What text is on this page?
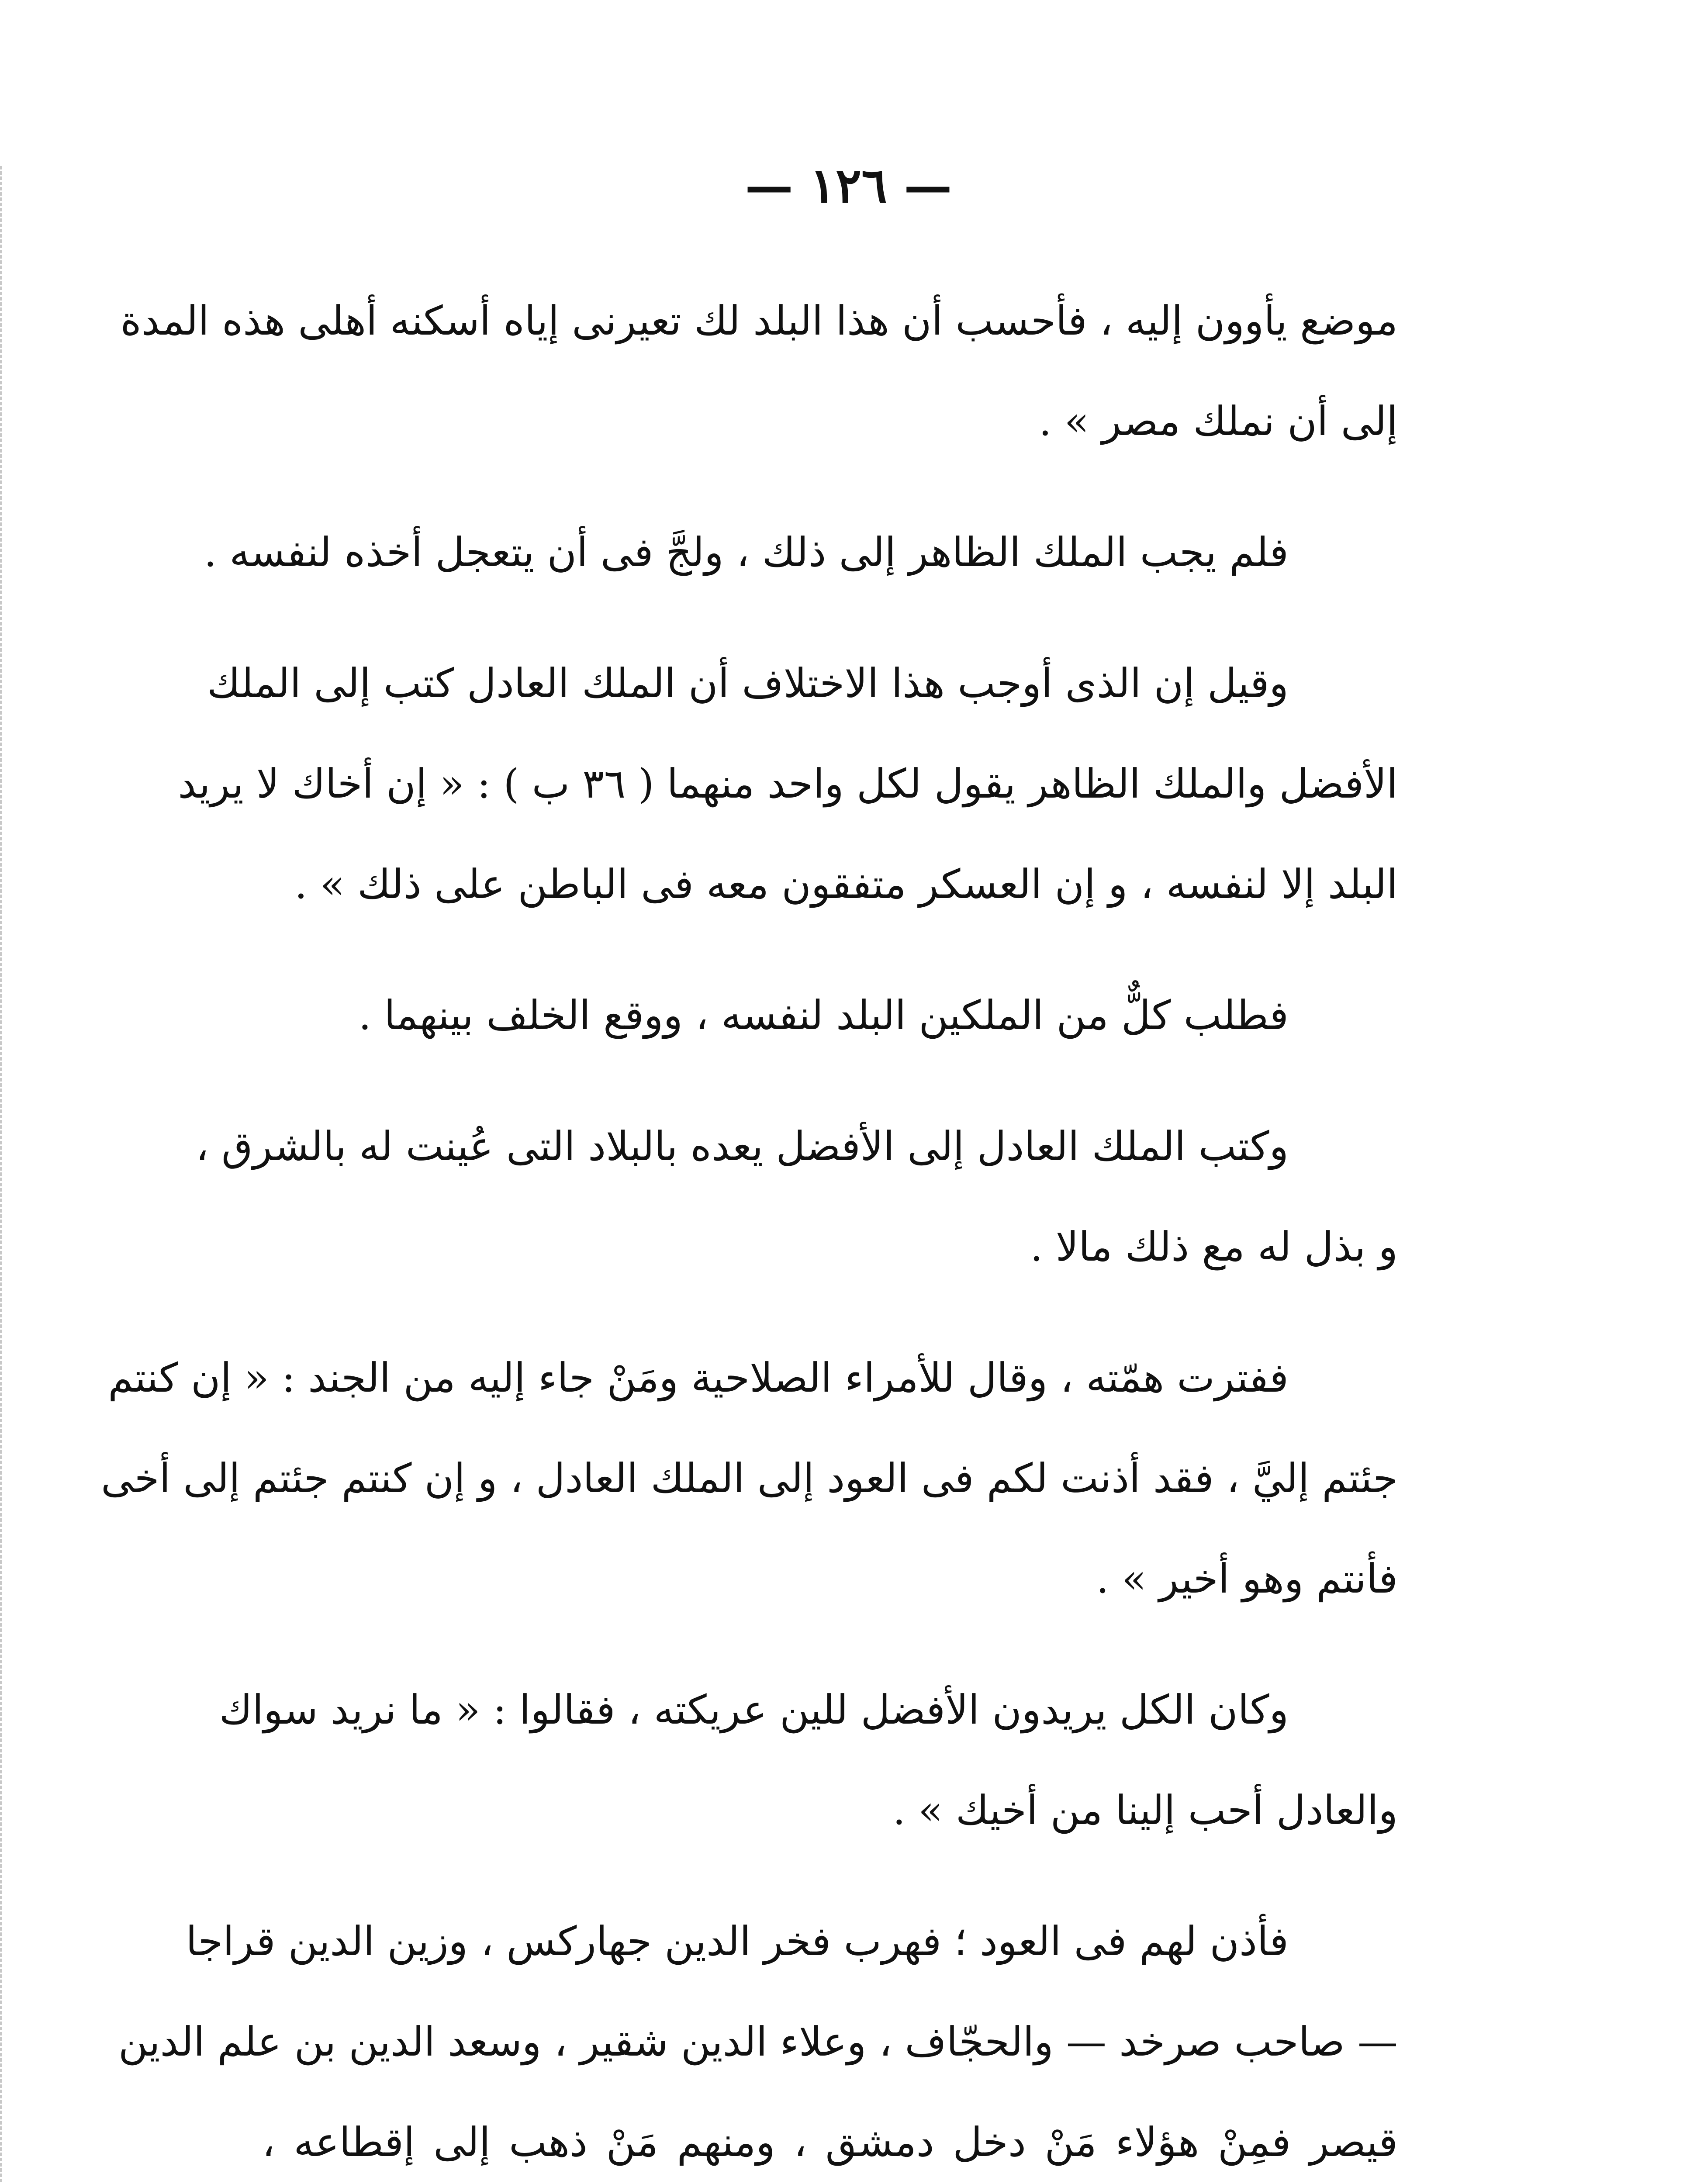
— ١٢٦ —

موضع يأوون إليه ، فأحسب أن هذا البلد لك تعيرنى إياه أسكنه أهلى هذه المدة
إلى أن نملك مصر » .

فلم يجب الملك الظاهر إلى ذلك ، ولجَّ فى أن يتعجل أخذه لنفسه .

وقيل إن الذى أوجب هذا الاختلاف أن الملك العادل كتب إلى الملك
الأفضل والملك الظاهر يقول لكل واحد منهما ( ٣٦ ب ) : « إن أخاك لا يريد
البلد إلا لنفسه ، و إن العسكر متفقون معه فى الباطن على ذلك » .

فطلب كلٌّ من الملكين البلد لنفسه ، ووقع الخلف بينهما .

وكتب الملك العادل إلى الأفضل يعده بالبلاد التى عُينت له بالشرق ،
و بذل له مع ذلك مالا .

ففترت همّته ، وقال للأمراء الصلاحية ومَنْ جاء إليه من الجند : « إن كنتم
جئتم إليَّ ، فقد أذنت لكم فى العود إلى الملك العادل ، و إن كنتم جئتم إلى أخى
فأنتم وهو أخير » .

وكان الكل يريدون الأفضل للين عريكته ، فقالوا : « ما نريد سواك
والعادل أحب إلينا من أخيك » .

فأذن لهم فى العود ؛ فهرب فخر الدين جهاركس ، وزين الدين قراجا
— صاحب صرخد — والحجّاف ، وعلاء الدين شقير ، وسعد الدين بن علم الدين
قيصر فمِنْ هؤلاء مَنْ دخل دمشق ، ومنهم مَنْ ذهب إلى إقطاعه ،
